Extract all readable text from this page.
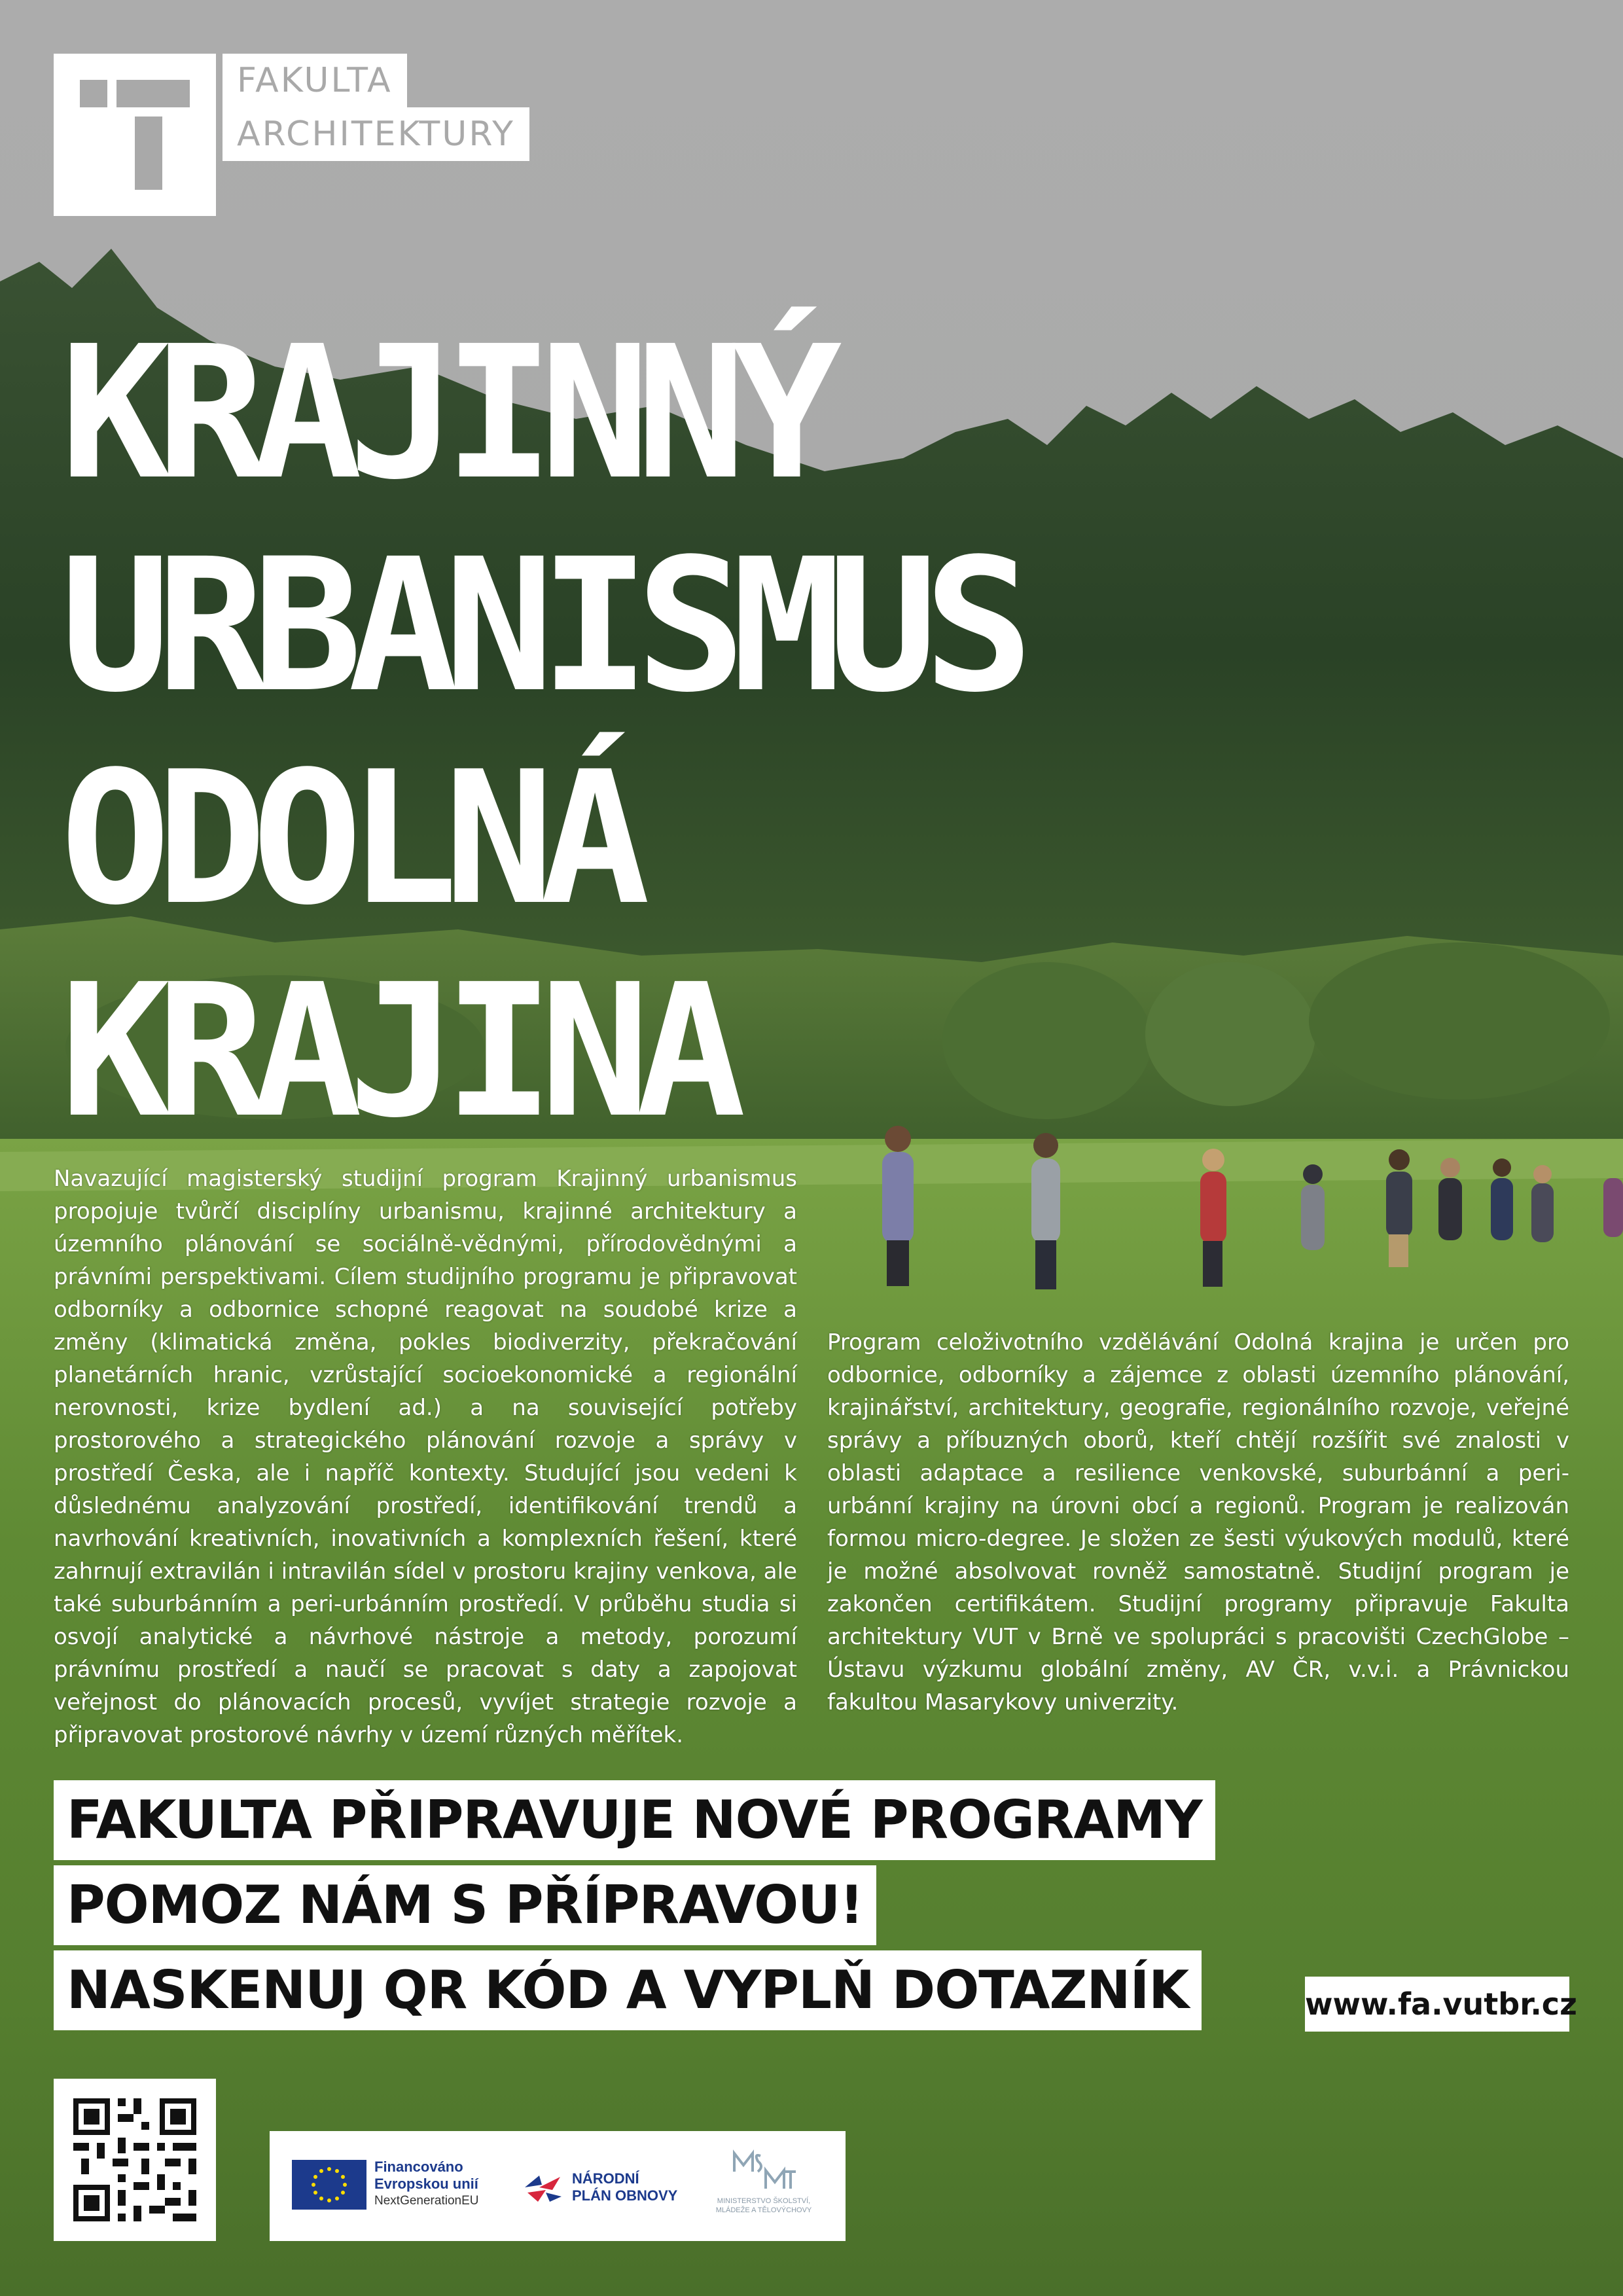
FAKULTA
ARCHITEKTURY
KRAJINNÝ
URBANISMUS
ODOLNÁ
KRAJINA

Navazující magisterský studijní program Krajinný urbanismus propojuje tvůrčí disciplíny urbanismu, krajinné architektury a územního plánování se sociálně-vědnými, přírodovědnými a právními perspektivami. Cílem studijního programu je připravovat odborníky a odbornice schopné reagovat na soudobé krize a změny (klimatická změna, pokles biodiverzity, překračování planetárních hranic, vzrůstající socioekonomické a regionální nerovnosti, krize bydlení ad.) a na související potřeby prostorového a strategického plánování rozvoje a správy v prostředí Česka, ale i napříč kontexty. Studující jsou vedeni k důslednému analyzování prostředí, identifikování trendů a navrhování kreativních, inovativních a komplexních řešení, které zahrnují extravilán i intravilán sídel v prostoru krajiny venkova, ale také suburbánním a peri-urbánním prostředí. V průběhu studia si osvojí analytické a návrhové nástroje a metody, porozumí právnímu prostředí a naučí se pracovat s daty a zapojovat veřejnost do plánovacích procesů, vyvíjet strategie rozvoje a připravovat prostorové návrhy v území různých měřítek.

Program celoživotního vzdělávání Odolná krajina je určen pro odbornice, odborníky a zájemce z oblasti územního plánování, krajinářství, architektury, geografie, regionálního rozvoje, veřejné správy a příbuzných oborů, kteří chtějí rozšířit své znalosti v oblasti adaptace a resilience venkovské, suburbánní a peri-urbánní krajiny na úrovni obcí a regionů. Program je realizován formou micro-degree. Je složen ze šesti výukových modulů, které je možné absolvovat rovněž samostatně. Studijní program je zakončen certifikátem. Studijní programy připravuje Fakulta architektury VUT v Brně ve spolupráci s pracovišti CzechGlobe – Ústavu výzkumu globální změny, AV ČR, v.v.i. a Právnickou fakultou Masarykovy univerzity.

FAKULTA PŘIPRAVUJE NOVÉ PROGRAMY
POMOZ NÁM S PŘÍPRAVOU!
NASKENUJ QR KÓD A VYPLŇ DOTAZNÍK	www.fa.vutbr.cz
Financováno
Evropskou unií
NextGenerationEU
NÁRODNÍ
PLÁN OBNOVY	MINISTERSTVO ŠKOLSTVÍ,
MLÁDEŽE A TĚLOVÝCHOVY
